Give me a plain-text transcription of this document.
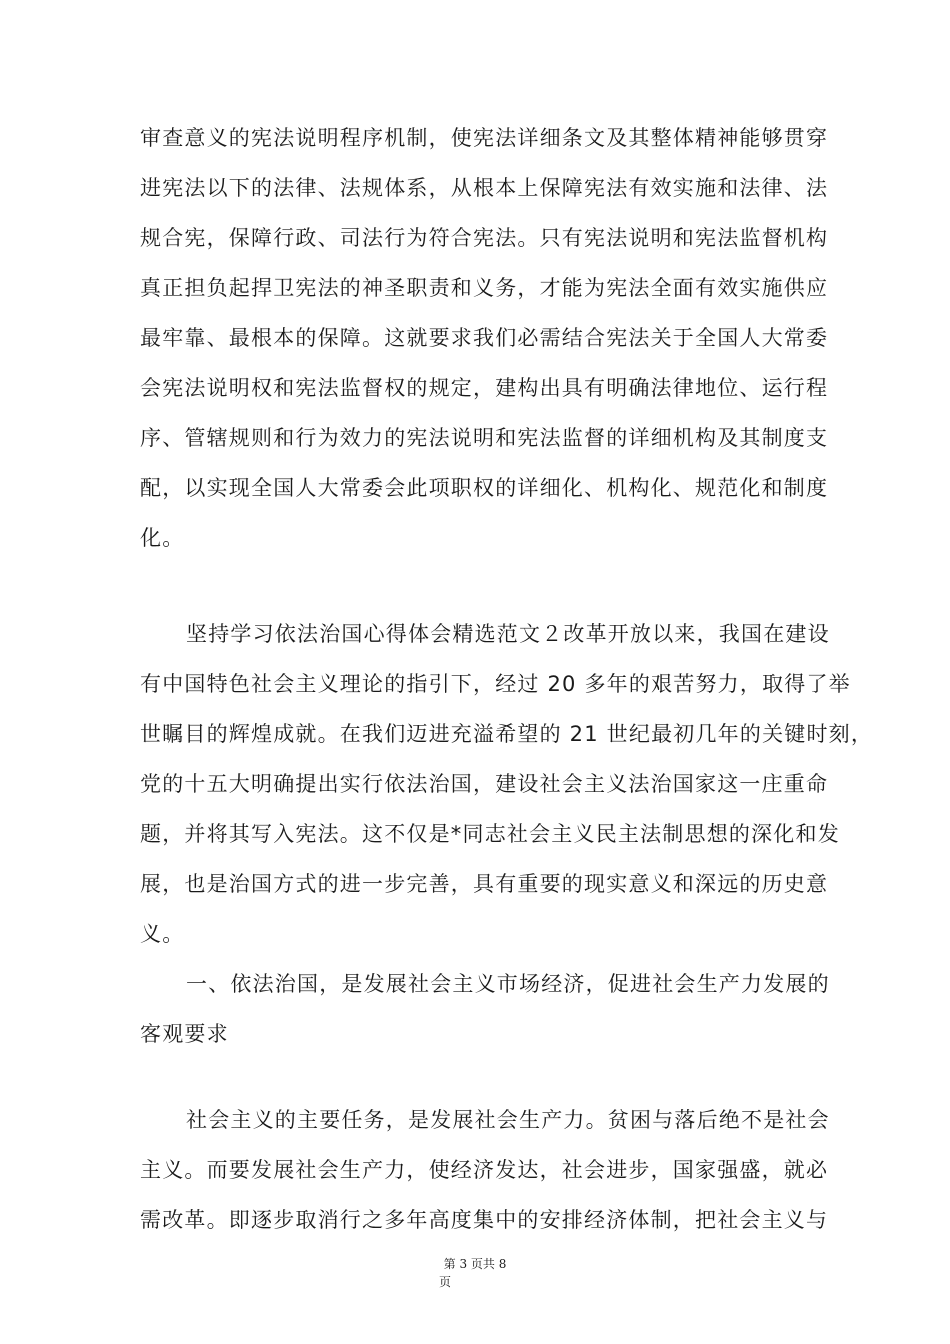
审查意义的宪法说明程序机制，使宪法详细条文及其整体精神能够贯穿
进宪法以下的法律、法规体系，从根本上保障宪法有效实施和法律、法
规合宪，保障行政、司法行为符合宪法。只有宪法说明和宪法监督机构
真正担负起捍卫宪法的神圣职责和义务，才能为宪法全面有效实施供应
最牢靠、最根本的保障。这就要求我们必需结合宪法关于全国人大常委
会宪法说明权和宪法监督权的规定，建构出具有明确法律地位、运行程
序、管辖规则和行为效力的宪法说明和宪法监督的详细机构及其制度支
配，以实现全国人大常委会此项职权的详细化、机构化、规范化和制度
化。
坚持学习依法治国心得体会精选范文２改革开放以来，我国在建设
有中国特色社会主义理论的指引下，经过 20 多年的艰苦努力，取得了举
世瞩目的辉煌成就。在我们迈进充溢希望的 21 世纪最初几年的关键时刻，
党的十五大明确提出实行依法治国，建设社会主义法治国家这一庄重命
题，并将其写入宪法。这不仅是*同志社会主义民主法制思想的深化和发
展，也是治国方式的进一步完善，具有重要的现实意义和深远的历史意
义。
一、依法治国，是发展社会主义市场经济，促进社会生产力发展的
客观要求
社会主义的主要任务，是发展社会生产力。贫困与落后绝不是社会
主义。而要发展社会生产力，使经济发达，社会进步，国家强盛，就必
需改革。即逐步取消行之多年高度集中的安排经济体制，把社会主义与
第 3 页共 8
页
